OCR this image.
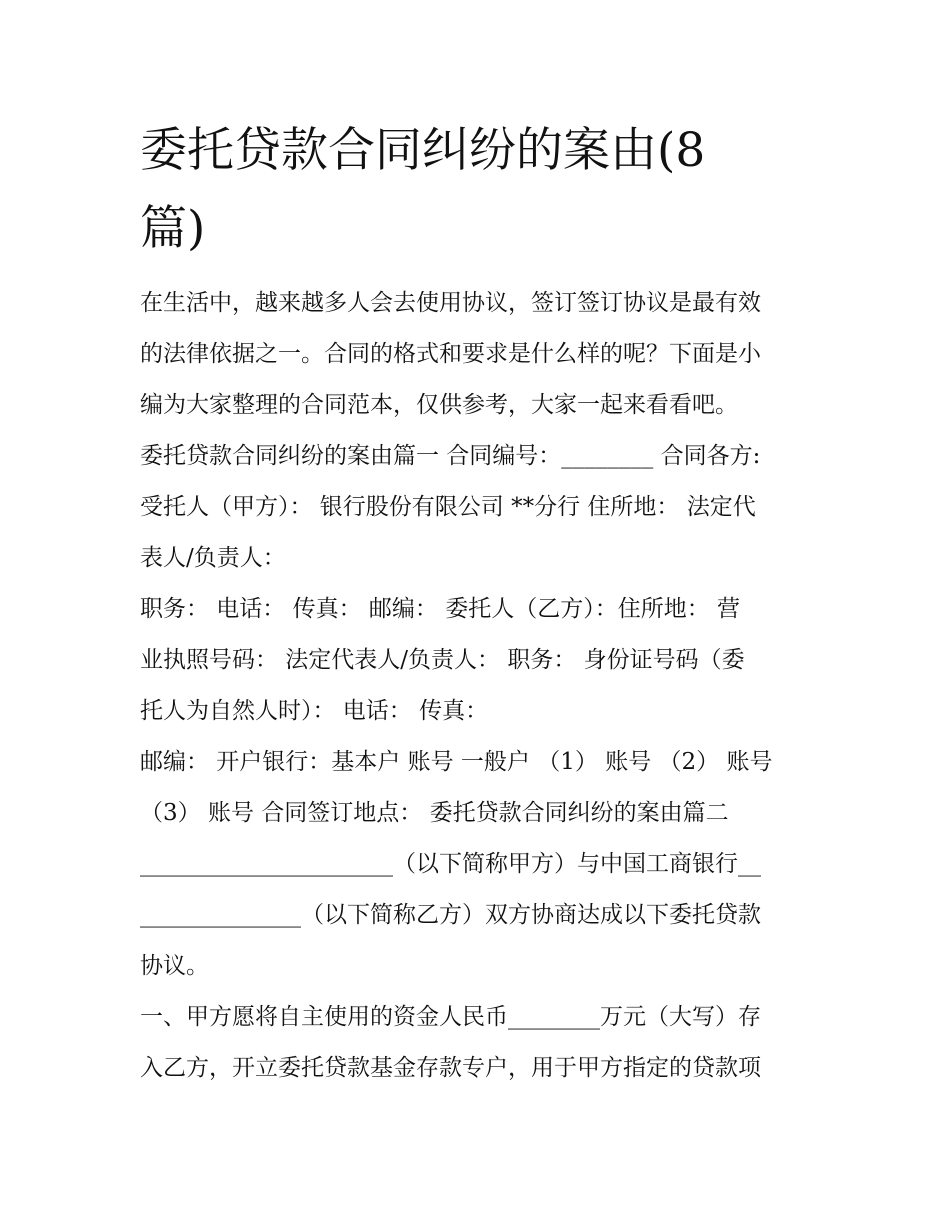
委托贷款合同纠纷的案由(8
篇)
在生活中，越来越多人会去使用协议，签订签订协议是最有效
的法律依据之一。合同的格式和要求是什么样的呢？下面是小
编为大家整理的合同范本，仅供参考，大家一起来看看吧。
委托贷款合同纠纷的案由篇一 合同编号：________ 合同各方:
受托人（甲方）： 银行股份有限公司 **分行 住所地： 法定代
表人/负责人：
职务： 电话： 传真： 邮编： 委托人（乙方）：住所地： 营
业执照号码： 法定代表人/负责人： 职务： 身份证号码（委
托人为自然人时）： 电话： 传真：
邮编： 开户银行：基本户 账号 一般户 （1） 账号 （2） 账号
（3） 账号 合同签订地点： 委托贷款合同纠纷的案由篇二
______________________（以下简称甲方）与中国工商银行__
______________（以下简称乙方）双方协商达成以下委托贷款
协议。
一、甲方愿将自主使用的资金人民币________万元（大写）存
入乙方，开立委托贷款基金存款专户，用于甲方指定的贷款项
